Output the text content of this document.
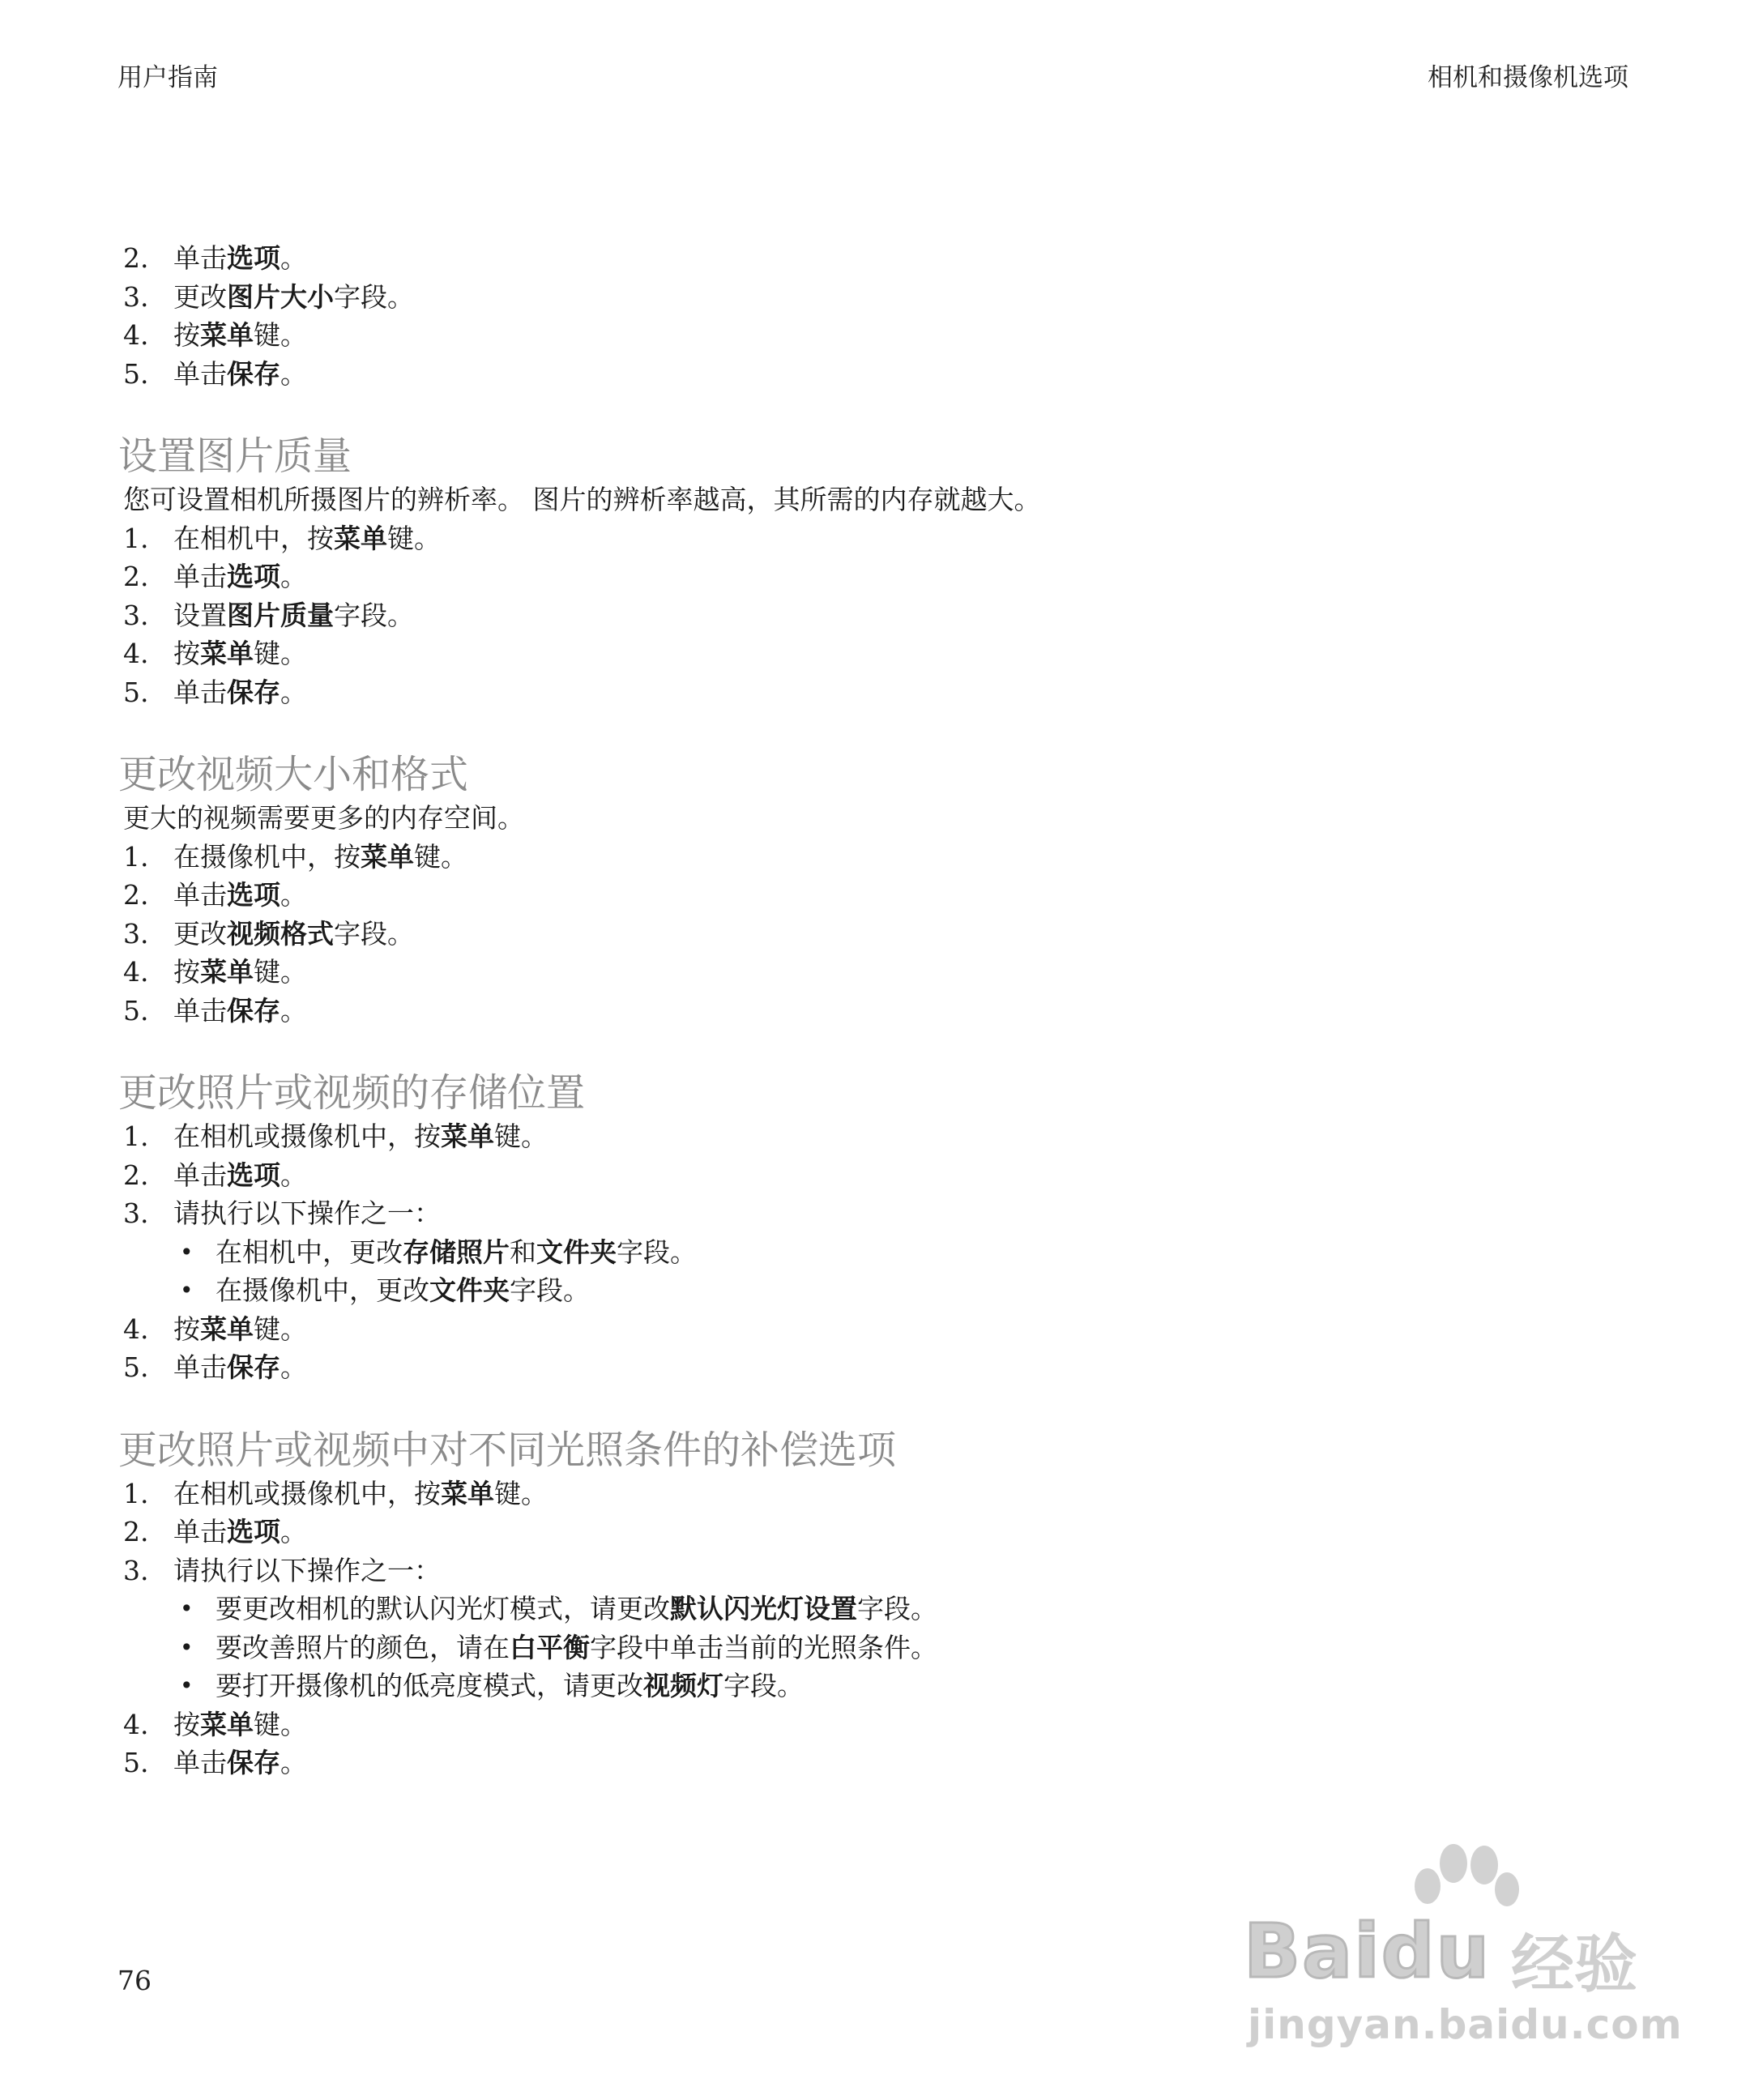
用户指南	相机和摄像机选项
2. 单击选项。
3. 更改图片大小字段。
4. 按菜单键。
5. 单击保存。
设置图片质量
您可设置相机所摄图片的辨析率。 图片的辨析率越高，其所需的内存就越大。
1. 在相机中，按菜单键。
2. 单击选项。
3. 设置图片质量字段。
4. 按菜单键。
5. 单击保存。
更改视频大小和格式
更大的视频需要更多的内存空间。
1. 在摄像机中，按菜单键。
2. 单击选项。
3. 更改视频格式字段。
4. 按菜单键。
5. 单击保存。
更改照片或视频的存储位置
1. 在相机或摄像机中，按菜单键。
2. 单击选项。
3. 请执行以下操作之一：
• 在相机中，更改存储照片和文件夹字段。
• 在摄像机中，更改文件夹字段。
4. 按菜单键。
5. 单击保存。
更改照片或视频中对不同光照条件的补偿选项
1. 在相机或摄像机中，按菜单键。
2. 单击选项。
3. 请执行以下操作之一：
• 要更改相机的默认闪光灯模式，请更改默认闪光灯设置字段。
• 要改善照片的颜色，请在白平衡字段中单击当前的光照条件。
• 要打开摄像机的低亮度模式，请更改视频灯字段。
4. 按菜单键。
5. 单击保存。
76	Baidu 经验
jingyan.baidu.com
